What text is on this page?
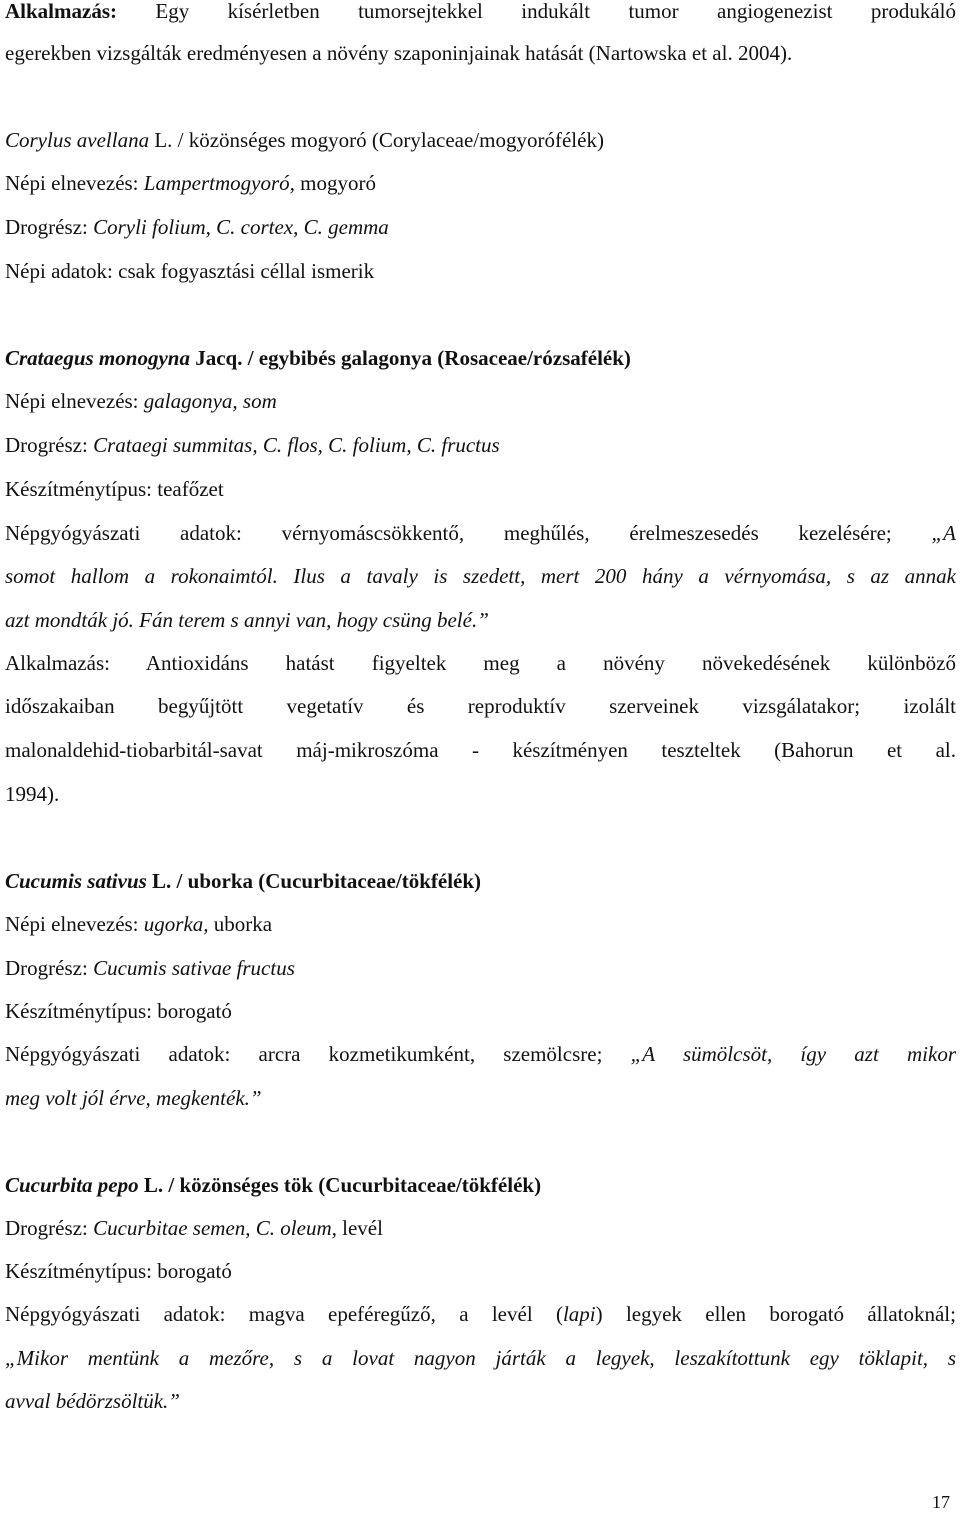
Alkalmazás: Egy kísérletben tumorsejtekkel indukált tumor angiogenezist produkáló
egerekben vizsgálták eredményesen a növény szaponinjainak hatását (Nartowska et al. 2004).
Corylus avellana L. / közönséges mogyoró (Corylaceae/mogyorófélék)
Népi elnevezés: Lampertmogyoró, mogyoró
Drogrész: Coryli folium, C. cortex, C. gemma
Népi adatok: csak fogyasztási céllal ismerik
Crataegus monogyna Jacq. / egybibés galagonya (Rosaceae/rózsafélék)
Népi elnevezés: galagonya, som
Drogrész: Crataegi summitas, C. flos, C. folium, C. fructus
Készítménytípus: teafőzet
Népgyógyászati adatok: vérnyomáscsökkentő, meghűlés, érelmeszesedés kezelésére; „A
somot hallom a rokonaimtól. Ilus a tavaly is szedett, mert 200 hány a vérnyomása, s az annak
azt mondták jó. Fán terem s annyi van, hogy csüng belé.”
Alkalmazás: Antioxidáns hatást figyeltek meg a növény növekedésének különböző
időszakaiban begyűjtött vegetatív és reproduktív szerveinek vizsgálatakor; izolált
malonaldehid-tiobarbitál-savat máj-mikroszóma - készítményen teszteltek (Bahorun et al.
1994).
Cucumis sativus L. / uborka (Cucurbitaceae/tökfélék)
Népi elnevezés: ugorka, uborka
Drogrész: Cucumis sativae fructus
Készítménytípus: borogató
Népgyógyászati adatok: arcra kozmetikumként, szemölcsre; „A sümölcsöt, így azt mikor
meg volt jól érve, megkenték.”
Cucurbita pepo L. / közönséges tök (Cucurbitaceae/tökfélék)
Drogrész: Cucurbitae semen, C. oleum, levél
Készítménytípus: borogató
Népgyógyászati adatok: magva epeféregűző, a levél (lapi) legyek ellen borogató állatoknál;
„Mikor mentünk a mezőre, s a lovat nagyon járták a legyek, leszakítottunk egy töklapit, s
avval bédörzsöltük.”
17
